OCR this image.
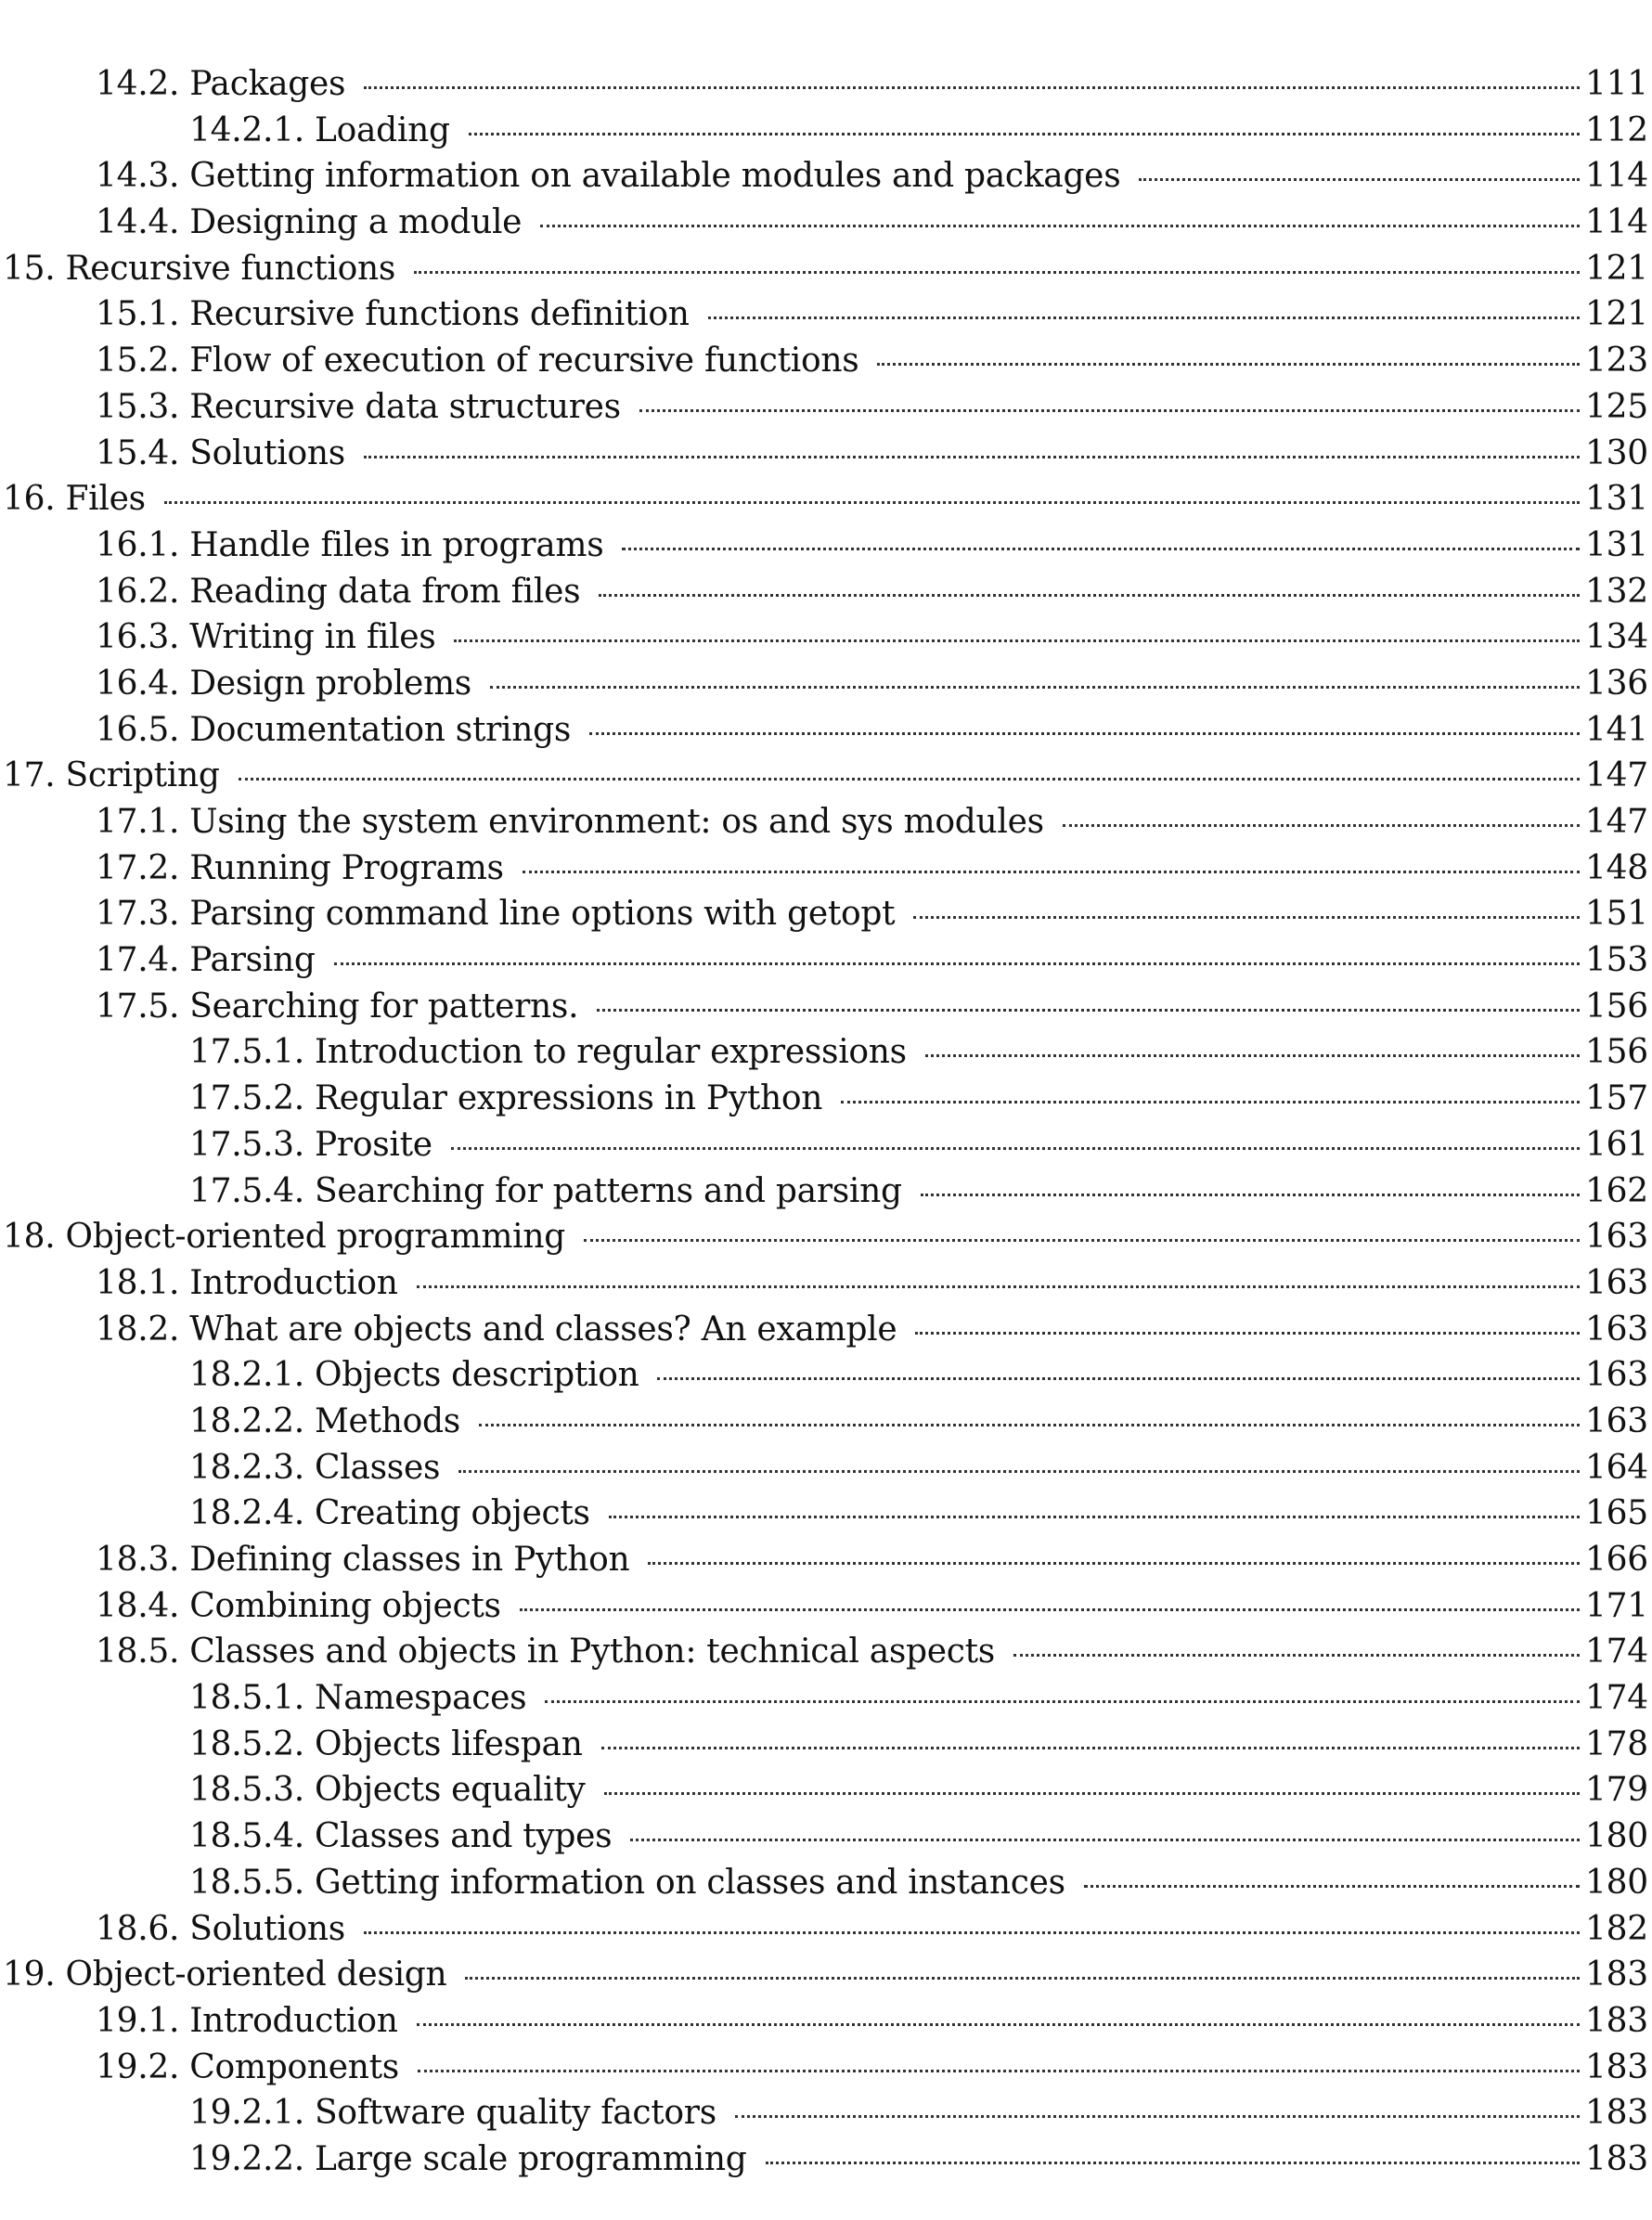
14.2. Packages	111
14.2.1. Loading	112
14.3. Getting information on available modules and packages	114
14.4. Designing a module	114
15. Recursive functions	121
15.1. Recursive functions definition	121
15.2. Flow of execution of recursive functions	123
15.3. Recursive data structures	125
15.4. Solutions	130
16. Files	131
16.1. Handle files in programs	131
16.2. Reading data from files	132
16.3. Writing in files	134
16.4. Design problems	136
16.5. Documentation strings	141
17. Scripting	147
17.1. Using the system environment: os and sys modules	147
17.2. Running Programs	148
17.3. Parsing command line options with getopt	151
17.4. Parsing	153
17.5. Searching for patterns.	156
17.5.1. Introduction to regular expressions	156
17.5.2. Regular expressions in Python	157
17.5.3. Prosite	161
17.5.4. Searching for patterns and parsing	162
18. Object-oriented programming	163
18.1. Introduction	163
18.2. What are objects and classes? An example	163
18.2.1. Objects description	163
18.2.2. Methods	163
18.2.3. Classes	164
18.2.4. Creating objects	165
18.3. Defining classes in Python	166
18.4. Combining objects	171
18.5. Classes and objects in Python: technical aspects	174
18.5.1. Namespaces	174
18.5.2. Objects lifespan	178
18.5.3. Objects equality	179
18.5.4. Classes and types	180
18.5.5. Getting information on classes and instances	180
18.6. Solutions	182
19. Object-oriented design	183
19.1. Introduction	183
19.2. Components	183
19.2.1. Software quality factors	183
19.2.2. Large scale programming	183
